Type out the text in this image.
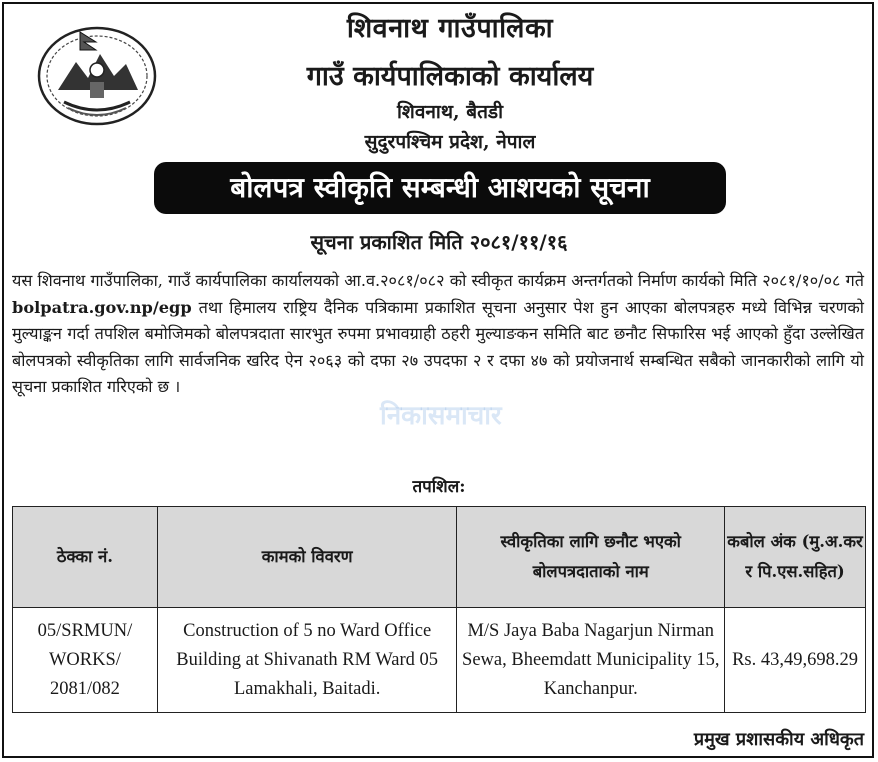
शिवनाथ गाउँपालिका
गाउँ कार्यपालिकाको कार्यालय
शिवनाथ, बैतडी
सुदुरपश्चिम प्रदेश, नेपाल
बोलपत्र स्वीकृति सम्बन्धी आशयको सूचना
सूचना प्रकाशित मिति २०८१/११/१६
निकासमाचार
यस शिवनाथ गाउँपालिका, गाउँ कार्यपालिका कार्यालयको आ.व.२०८१/०८२ को स्वीकृत कार्यक्रम अन्तर्गतको निर्माण कार्यको मिति २०८१/१०/०८ गते bolpatra.gov.np/egp तथा हिमालय राष्ट्रिय दैनिक पत्रिकामा प्रकाशित सूचना अनुसार पेश हुन आएका बोलपत्रहरु मध्ये विभिन्न चरणको मुल्याङ्कन गर्दा तपशिल बमोजिमको बोलपत्रदाता सारभुत रुपमा प्रभावग्राही ठहरी मुल्याङकन समिति बाट छनौट सिफारिस भई आएको हुँदा उल्लेखित बोलपत्रको स्वीकृतिका लागि सार्वजनिक खरिद ऐन २०६३ को दफा २७ उपदफा २ र दफा ४७ को प्रयोजनार्थ सम्बन्धित सबैको जानकारीको लागि यो सूचना प्रकाशित गरिएको छ ।
तपशिल:
ठेक्का नं.	कामको विवरण	स्वीकृतिका लागि छनौट भएको बोलपत्रदाताको नाम	कबोल अंक (मु.अ.कर र पि.एस.सहित)
05/SRMUN/ WORKS/ 2081/082	Construction of 5 no Ward Office Building at Shivanath RM Ward 05 Lamakhali, Baitadi.	M/S Jaya Baba Nagarjun Nirman Sewa, Bheemdatt Municipality 15, Kanchanpur.	Rs. 43,49,698.29
प्रमुख प्रशासकीय अधिकृत
